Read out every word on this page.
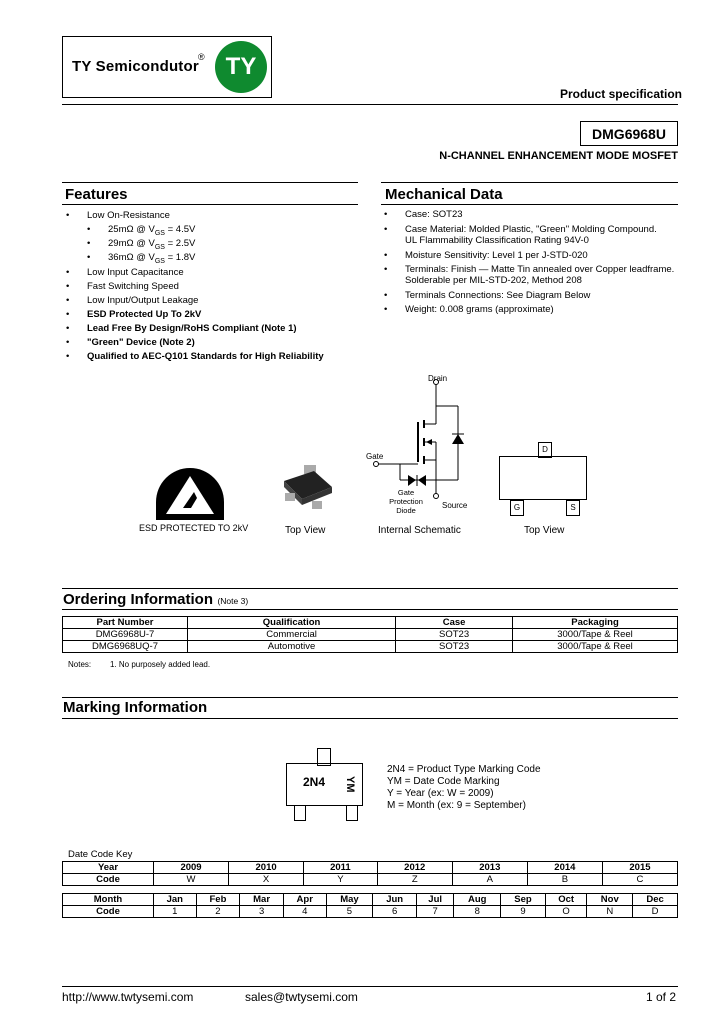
TY Semicondutor
® TY
Product specification
DMG6968U
N-CHANNEL ENHANCEMENT MODE MOSFET
Features
• Low On-Resistance
• 25mΩ @ $V_{GS} = 4.5V$
• 29mΩ @ $V_{GS} = 2.5V$
• 36mΩ @ $V_{GS} = 1.8V$
• Low Input Capacitance
• Fast Switching Speed
• Low Input/Output Leakage
• ESD Protected Up To 2kV
• Lead Free By Design/RoHS Compliant (Note 1)
• "Green" Device (Note 2)
• Qualified to AEC-Q101 Standards for High Reliability
Mechanical Data
• Case: SOT23
• Case Material: Molded Plastic, "Green" Molding Compound.
UL Flammability Classification Rating 94V-0
• Moisture Sensitivity: Level 1 per J-STD-020
• Terminals: Finish — Matte Tin annealed over Copper leadframe.
Solderable per MIL-STD-202, Method 208
• Terminals Connections: See Diagram Below
• Weight: 0.008 grams (approximate)
ESD PROTECTED TO 2kV	Top View
Drain
Gate
Source
Gate
Protection
Diode
Internal Schematic
D
G	S
Top View
Ordering Information (Note 3)
Part Number	Qualification	Case	Packaging
DMG6968U-7	Commercial	SOT23	3000/Tape & Reel
DMG6968UQ-7	Automotive	SOT23	3000/Tape & Reel
Notes: 1. No purposely added lead.
Marking Information
2N4 YM
2N4 = Product Type Marking Code
YM = Date Code Marking
Y = Year (ex: W = 2009)
M = Month (ex: 9 = September)
Date Code Key
Year	2009	2010	2011	2012	2013	2014	2015
Code	W	X	Y	Z	A	B	C
Month	Jan	Feb	Mar	Apr	May	Jun	Jul	Aug	Sep	Oct	Nov	Dec
Code	1	2	3	4	5	6	7	8	9	O	N	D
http://www.twtysemi.com	sales@twtysemi.com	1 of 2
